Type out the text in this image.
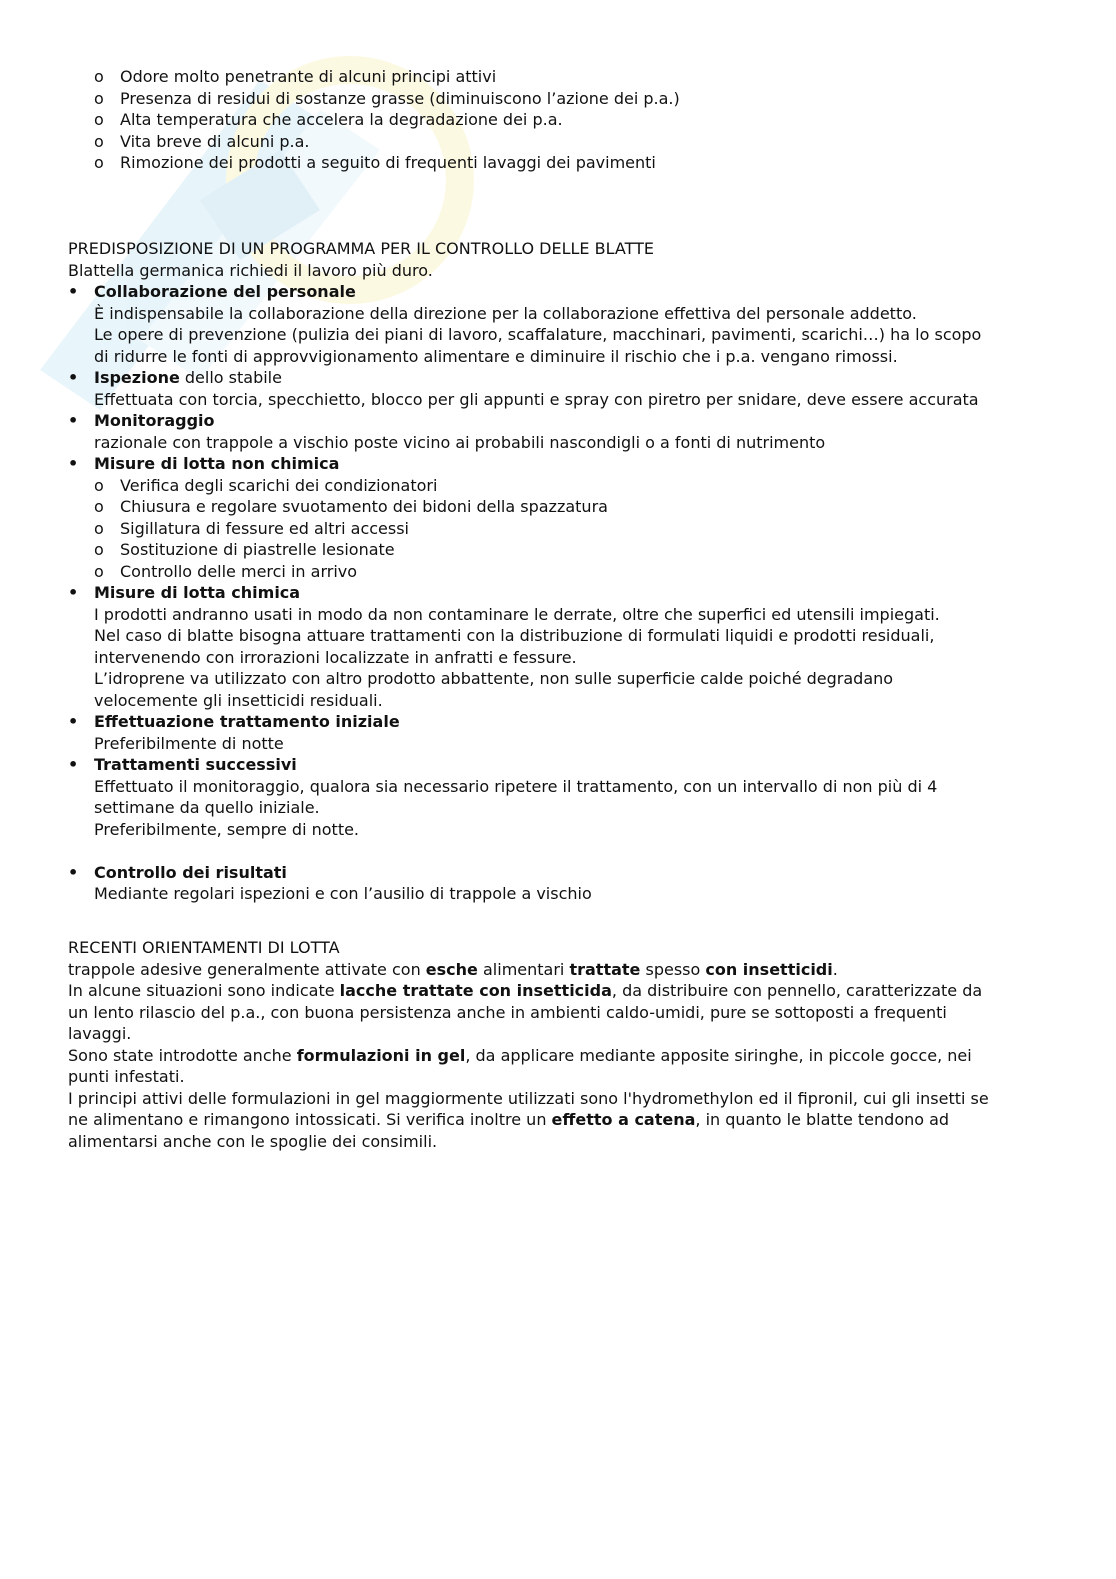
o Odore molto penetrante di alcuni principi attivi
o Presenza di residui di sostanze grasse (diminuiscono l’azione dei p.a.)
o Alta temperatura che accelera la degradazione dei p.a.
o Vita breve di alcuni p.a.
o Rimozione dei prodotti a seguito di frequenti lavaggi dei pavimenti
PREDISPOSIZIONE DI UN PROGRAMMA PER IL CONTROLLO DELLE BLATTE
Blattella germanica richiedi il lavoro più duro.
• Collaborazione del personale
È indispensabile la collaborazione della direzione per la collaborazione effettiva del personale addetto.
Le opere di prevenzione (pulizia dei piani di lavoro, scaffalature, macchinari, pavimenti, scarichi…) ha lo scopo
di ridurre le fonti di approvvigionamento alimentare e diminuire il rischio che i p.a. vengano rimossi.
• Ispezione dello stabile
Effettuata con torcia, specchietto, blocco per gli appunti e spray con piretro per snidare, deve essere accurata
• Monitoraggio
razionale con trappole a vischio poste vicino ai probabili nascondigli o a fonti di nutrimento
• Misure di lotta non chimica
o Verifica degli scarichi dei condizionatori
o Chiusura e regolare svuotamento dei bidoni della spazzatura
o Sigillatura di fessure ed altri accessi
o Sostituzione di piastrelle lesionate
o Controllo delle merci in arrivo
• Misure di lotta chimica
I prodotti andranno usati in modo da non contaminare le derrate, oltre che superfici ed utensili impiegati.
Nel caso di blatte bisogna attuare trattamenti con la distribuzione di formulati liquidi e prodotti residuali,
intervenendo con irrorazioni localizzate in anfratti e fessure.
L’idroprene va utilizzato con altro prodotto abbattente, non sulle superficie calde poiché degradano
velocemente gli insetticidi residuali.
• Effettuazione trattamento iniziale
Preferibilmente di notte
• Trattamenti successivi
Effettuato il monitoraggio, qualora sia necessario ripetere il trattamento, con un intervallo di non più di 4
settimane da quello iniziale.
Preferibilmente, sempre di notte.
• Controllo dei risultati
Mediante regolari ispezioni e con l’ausilio di trappole a vischio
RECENTI ORIENTAMENTI DI LOTTA
trappole adesive generalmente attivate con esche alimentari trattate spesso con insetticidi.
In alcune situazioni sono indicate lacche trattate con insetticida, da distribuire con pennello, caratterizzate da
un lento rilascio del p.a., con buona persistenza anche in ambienti caldo-umidi, pure se sottoposti a frequenti
lavaggi.
Sono state introdotte anche formulazioni in gel, da applicare mediante apposite siringhe, in piccole gocce, nei
punti infestati.
I principi attivi delle formulazioni in gel maggiormente utilizzati sono l'hydromethylon ed il fipronil, cui gli insetti se
ne alimentano e rimangono intossicati. Si verifica inoltre un effetto a catena, in quanto le blatte tendono ad
alimentarsi anche con le spoglie dei consimili.
